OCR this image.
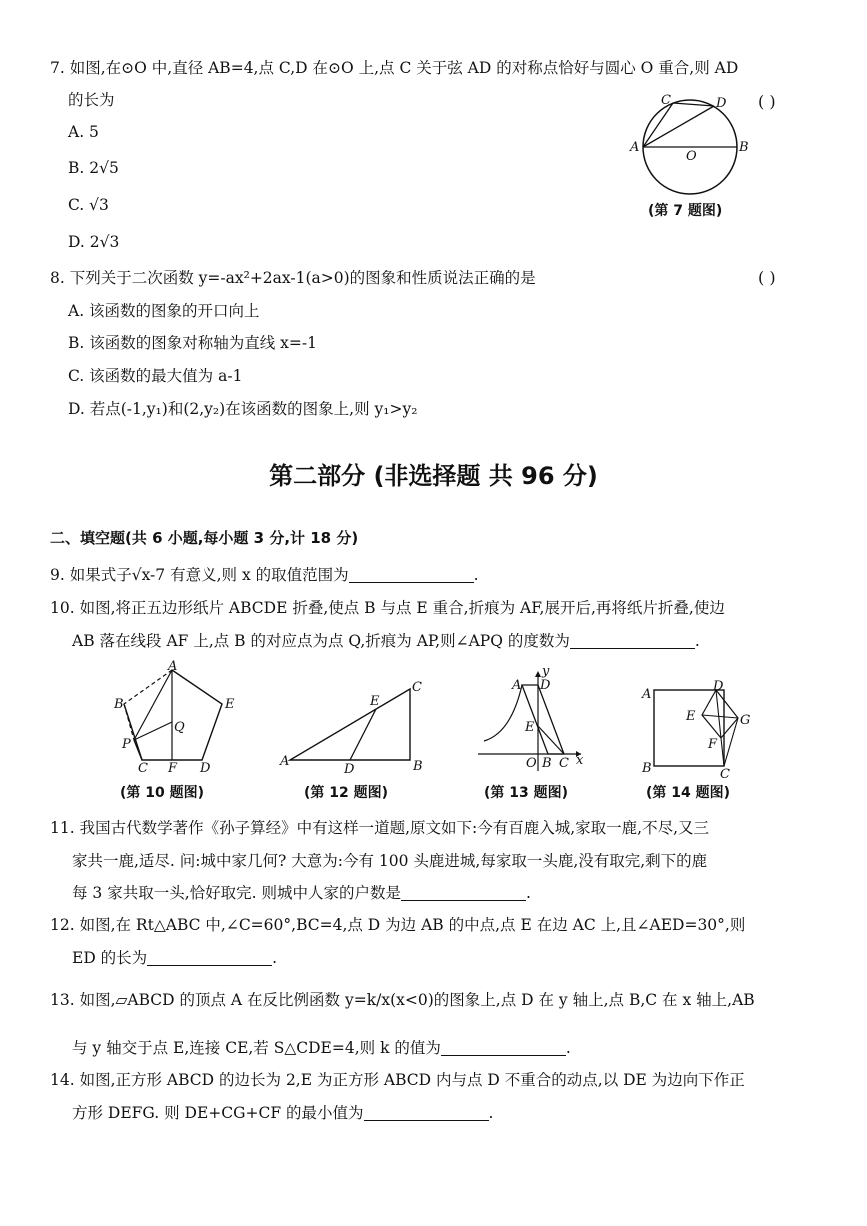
7. 如图,在⊙O 中,直径 AB=4,点 C,D 在⊙O 上,点 C 关于弦 AD 的对称点恰好与圆心 O 重合,则 AD
的长为	( )
A. 5
B. 2√5
C. √3
D. 2√3
C	D
A
O
B
(第 7 题图)
8. 下列关于二次函数 y=-ax²+2ax-1(a>0)的图象和性质说法正确的是	( )
A. 该函数的图象的开口向上
B. 该函数的图象对称轴为直线 x=-1
C. 该函数的最大值为 a-1
D. 若点(-1,y₁)和(2,y₂)在该函数的图象上,则 y₁>y₂
第二部分 (非选择题 共 96 分)
二、填空题(共 6 小题,每小题 3 分,计 18 分)
9. 如果式子√x-7 有意义,则 x 的取值范围为	.
10. 如图,将正五边形纸片 ABCDE 折叠,使点 B 与点 E 重合,折痕为 AF,展开后,再将纸片折叠,使边
AB 落在线段 AF 上,点 B 的对应点为点 Q,折痕为 AP,则∠APQ 的度数为	.
A
B	E
Q
P
C F D
(第 10 题图)
A	B
C
D
E
(第 12 题图)
A D
E
O B C x
y
(第 13 题图)
A
B	C
D
E
F
G
(第 14 题图)
11. 我国古代数学著作《孙子算经》中有这样一道题,原文如下:今有百鹿入城,家取一鹿,不尽,又三
家共一鹿,适尽. 问:城中家几何? 大意为:今有 100 头鹿进城,每家取一头鹿,没有取完,剩下的鹿
每 3 家共取一头,恰好取完. 则城中人家的户数是	.
12. 如图,在 Rt△ABC 中,∠C=60°,BC=4,点 D 为边 AB 的中点,点 E 在边 AC 上,且∠AED=30°,则
ED 的长为	.
13. 如图,▱ABCD 的顶点 A 在反比例函数 y=k/x(x<0)的图象上,点 D 在 y 轴上,点 B,C 在 x 轴上,AB
与 y 轴交于点 E,连接 CE,若 S△CDE=4,则 k 的值为	.
14. 如图,正方形 ABCD 的边长为 2,E 为正方形 ABCD 内与点 D 不重合的动点,以 DE 为边向下作正
方形 DEFG. 则 DE+CG+CF 的最小值为	.
